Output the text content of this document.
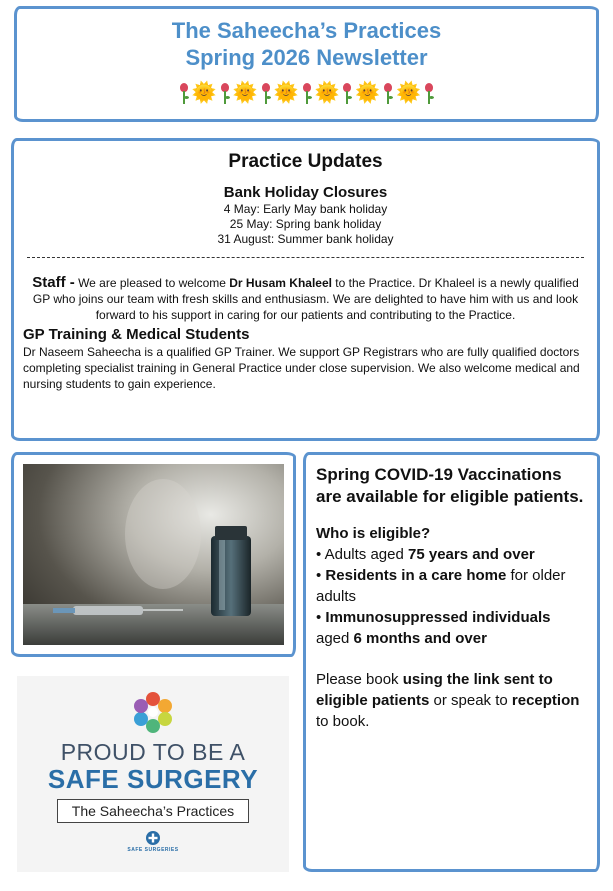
The Saheecha’s Practices
Spring 2026 Newsletter
🌞 🌞 🌞 🌞 🌞 🌞
Practice Updates
Bank Holiday Closures

4 May: Early May bank holiday

25 May: Spring bank holiday

31 August: Summer bank holiday

Staff - We are pleased to welcome Dr Husam Khaleel to the Practice. Dr Khaleel is a newly qualified GP who joins our team with fresh skills and enthusiasm. We are delighted to have him with us and look forward to his support in caring for our patients and contributing to the Practice.

GP Training & Medical Students

Dr Naseem Saheecha is a qualified GP Trainer. We support GP Registrars who are fully qualified doctors completing specialist training in General Practice under close supervision. We also welcome medical and nursing students to gain experience.

PROUD TO BE A
SAFE SURGERY
The Saheecha’s Practices
SAFE SURGERIES
Spring COVID-19 Vaccinations are available for eligible patients.
Who is eligible?
• Adults aged 75 years and over
• Residents in a care home for older adults
• Immunosuppressed individuals aged 6 months and over

Please book using the link sent to eligible patients or speak to reception to book.
